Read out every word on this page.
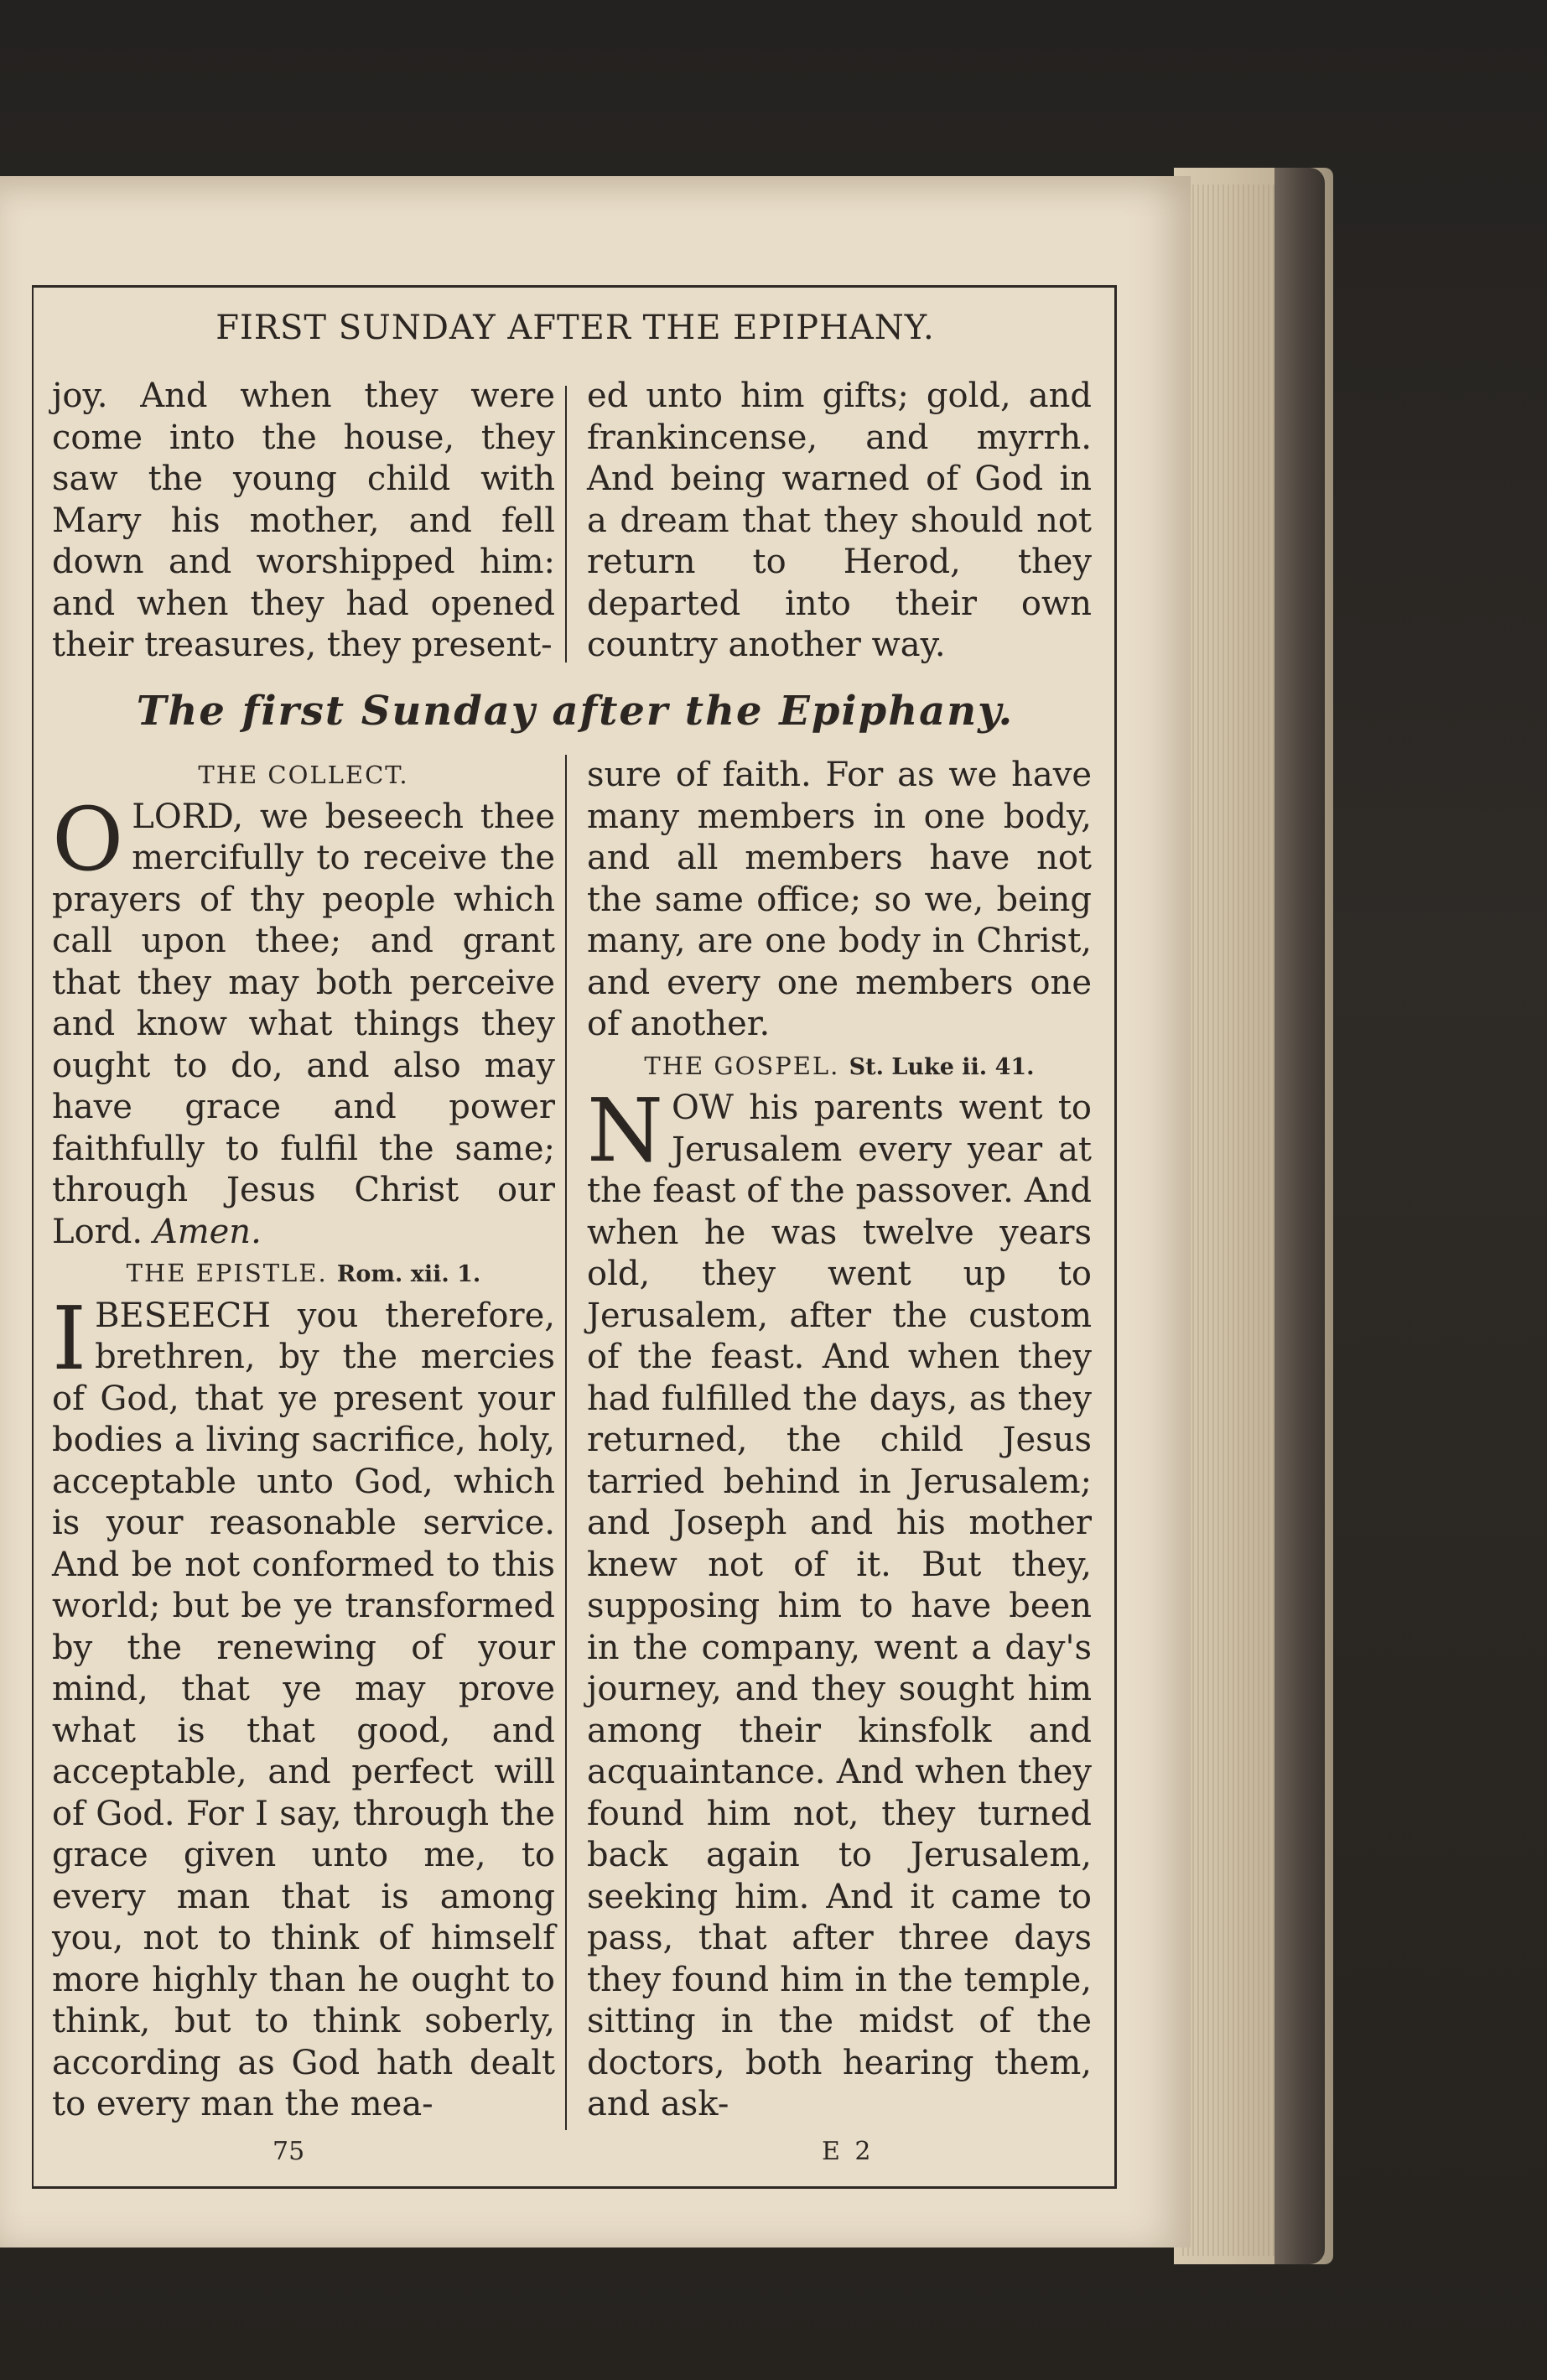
FIRST SUNDAY AFTER THE EPIPHANY.

joy. And when they were come into the house, they saw the young child with Mary his mother, and fell down and worshipped him: and when they had opened their treasures, they present-

ed unto him gifts; gold, and frankincense, and myrrh. And being warned of God in a dream that they should not return to Herod, they departed into their own country another way.

The first Sunday after the Epiphany.

THE COLLECT.

OLORD, we beseech thee mercifully to receive the prayers of thy people which call upon thee; and grant that they may both perceive and know what things they ought to do, and also may have grace and power faithfully to fulfil the same; through Jesus Christ our Lord. Amen.

THE EPISTLE. Rom. xii. 1.

IBESEECH you therefore, brethren, by the mercies of God, that ye present your bodies a living sacrifice, holy, acceptable unto God, which is your reasonable service. And be not conformed to this world; but be ye transformed by the renewing of your mind, that ye may prove what is that good, and acceptable, and perfect will of God. For I say, through the grace given unto me, to every man that is among you, not to think of himself more highly than he ought to think, but to think soberly, according as God hath dealt to every man the mea-

sure of faith. For as we have many members in one body, and all members have not the same office; so we, being many, are one body in Christ, and every one members one of another.

THE GOSPEL. St. Luke ii. 41.

NOW his parents went to Jerusalem every year at the feast of the passover. And when he was twelve years old, they went up to Jerusalem, after the custom of the feast. And when they had fulfilled the days, as they returned, the child Jesus tarried behind in Jerusalem; and Joseph and his mother knew not of it. But they, supposing him to have been in the company, went a day's journey, and they sought him among their kinsfolk and acquaintance. And when they found him not, they turned back again to Jerusalem, seeking him. And it came to pass, that after three days they found him in the temple, sitting in the midst of the doctors, both hearing them, and ask-

75	E 2
